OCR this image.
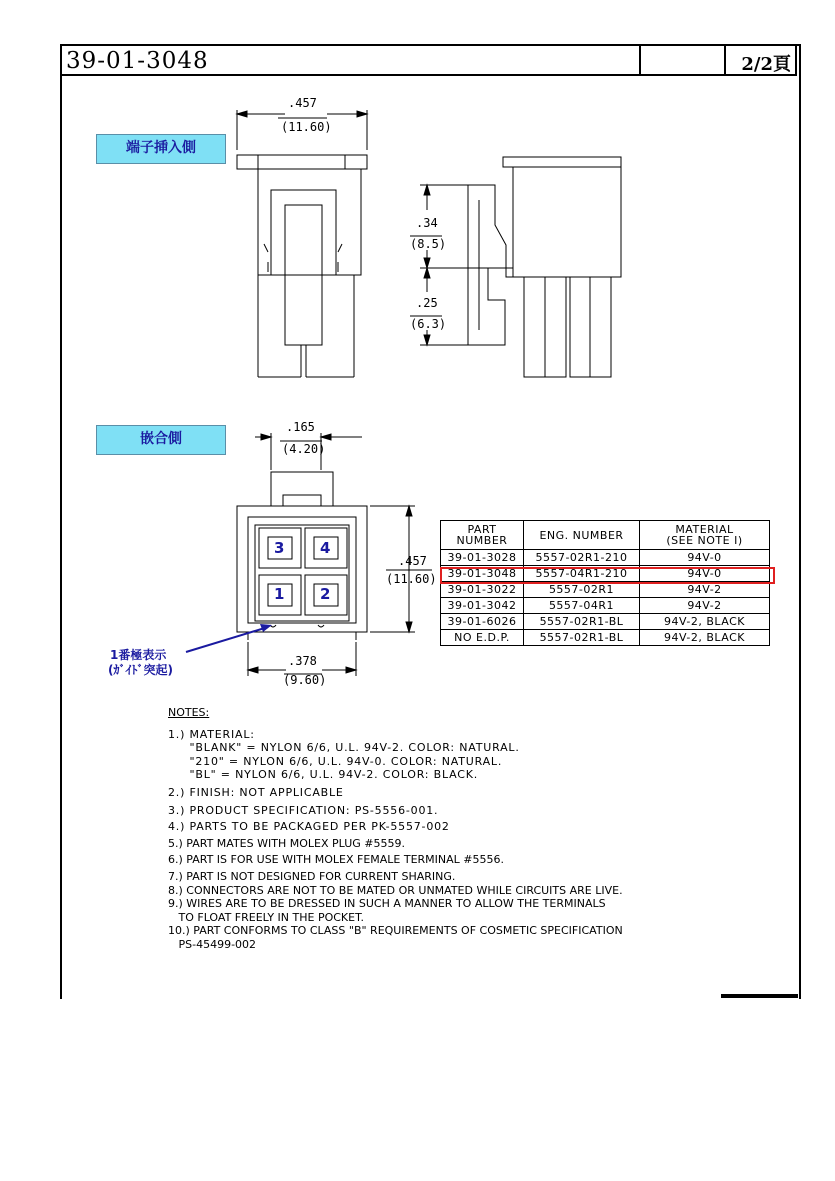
39-01-3048	2/2頁
端子挿入側
嵌合側
.457
(11.60)
.34
(8.5)
.25
(6.3)
.165
(4.20)
.457
(11.60)
.378
(9.60)
3 4
1 2
1番極表示
(ｶﾞｲﾄﾞ突起)
PART
NUMBER	ENG. NUMBER	MATERIAL
(SEE NOTE I)
39-01-3028	5557-02R1-210	94V-0
39-01-3048	5557-04R1-210	94V-0
39-01-3022	5557-02R1	94V-2
39-01-3042	5557-04R1	94V-2
39-01-6026	5557-02R1-BL	94V-2, BLACK
NO E.D.P.	5557-02R1-BL	94V-2, BLACK
NOTES:
1.) MATERIAL:
"BLANK" = NYLON 6/6, U.L. 94V-2. COLOR: NATURAL.
"210" = NYLON 6/6, U.L. 94V-0. COLOR: NATURAL.
"BL" = NYLON 6/6, U.L. 94V-2. COLOR: BLACK.
2.) FINISH: NOT APPLICABLE
3.) PRODUCT SPECIFICATION: PS-5556-001.
4.) PARTS TO BE PACKAGED PER PK-5557-002
5.) PART MATES WITH MOLEX PLUG #5559.
6.) PART IS FOR USE WITH MOLEX FEMALE TERMINAL #5556.
7.) PART IS NOT DESIGNED FOR CURRENT SHARING.
8.) CONNECTORS ARE NOT TO BE MATED OR UNMATED WHILE CIRCUITS ARE LIVE.
9.) WIRES ARE TO BE DRESSED IN SUCH A MANNER TO ALLOW THE TERMINALS
TO FLOAT FREELY IN THE POCKET.
10.) PART CONFORMS TO CLASS "B" REQUIREMENTS OF COSMETIC SPECIFICATION
PS-45499-002
